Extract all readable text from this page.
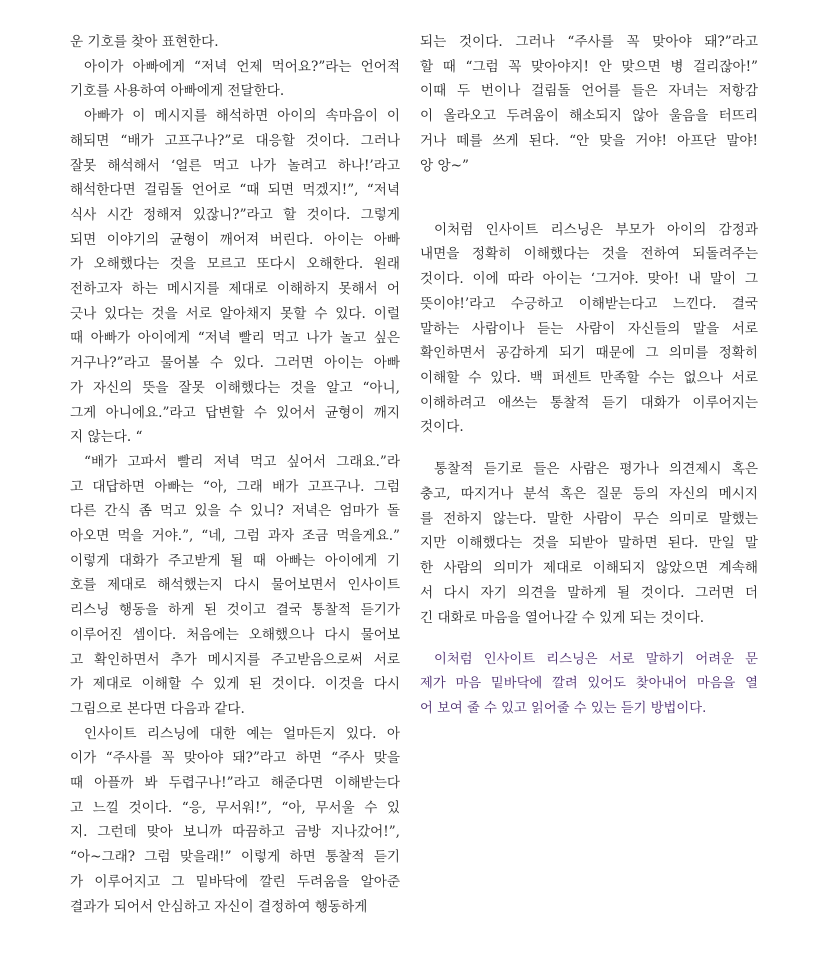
운 기호를 찾아 표현한다.
아이가 아빠에게 “저녁 언제 먹어요?”라는 언어적
기호를 사용하여 아빠에게 전달한다.
아빠가 이 메시지를 해석하면 아이의 속마음이 이
해되면 “배가 고프구나?”로 대응할 것이다. 그러나
잘못 해석해서 ‘얼른 먹고 나가 놀려고 하나!’라고
해석한다면 걸림돌 언어로 “때 되면 먹겠지!”, “저녁
식사 시간 정해져 있잖니?”라고 할 것이다. 그렇게
되면 이야기의 균형이 깨어져 버린다. 아이는 아빠
가 오해했다는 것을 모르고 또다시 오해한다. 원래
전하고자 하는 메시지를 제대로 이해하지 못해서 어
긋나 있다는 것을 서로 알아채지 못할 수 있다. 이럴
때 아빠가 아이에게 “저녁 빨리 먹고 나가 놀고 싶은
거구나?”라고 물어볼 수 있다. 그러면 아이는 아빠
가 자신의 뜻을 잘못 이해했다는 것을 알고 “아니,
그게 아니에요.”라고 답변할 수 있어서 균형이 깨지
지 않는다. “
“배가 고파서 빨리 저녁 먹고 싶어서 그래요.”라
고 대답하면 아빠는 “아, 그래 배가 고프구나. 그럼
다른 간식 좀 먹고 있을 수 있니? 저녁은 엄마가 돌
아오면 먹을 거야.”, “네, 그럼 과자 조금 먹을게요.”
이렇게 대화가 주고받게 될 때 아빠는 아이에게 기
호를 제대로 해석했는지 다시 물어보면서 인사이트
리스닝 행동을 하게 된 것이고 결국 통찰적 듣기가
이루어진 셈이다. 처음에는 오해했으나 다시 물어보
고 확인하면서 추가 메시지를 주고받음으로써 서로
가 제대로 이해할 수 있게 된 것이다. 이것을 다시
그림으로 본다면 다음과 같다.
인사이트 리스닝에 대한 예는 얼마든지 있다. 아
이가 “주사를 꼭 맞아야 돼?”라고 하면 “주사 맞을
때 아플까 봐 두렵구나!”라고 해준다면 이해받는다
고 느낄 것이다. “응, 무서워!”, “아, 무서울 수 있
지. 그런데 맞아 보니까 따끔하고 금방 지나갔어!”,
“아~그래? 그럼 맞을래!” 이렇게 하면 통찰적 듣기
가 이루어지고 그 밑바닥에 깔린 두려움을 알아준
결과가 되어서 안심하고 자신이 결정하여 행동하게
되는 것이다. 그러나 “주사를 꼭 맞아야 돼?”라고
할 때 “그럼 꼭 맞아야지! 안 맞으면 병 걸리잖아!”
이때 두 번이나 걸림돌 언어를 들은 자녀는 저항감
이 올라오고 두려움이 해소되지 않아 울음을 터뜨리
거나 떼를 쓰게 된다. “안 맞을 거야! 아프단 말야!
앙 앙~”
이처럼 인사이트 리스닝은 부모가 아이의 감정과
내면을 정확히 이해했다는 것을 전하여 되돌려주는
것이다. 이에 따라 아이는 ‘그거야. 맞아! 내 말이 그
뜻이야!’라고 수긍하고 이해받는다고 느낀다. 결국
말하는 사람이나 듣는 사람이 자신들의 말을 서로
확인하면서 공감하게 되기 때문에 그 의미를 정확히
이해할 수 있다. 백 퍼센트 만족할 수는 없으나 서로
이해하려고 애쓰는 통찰적 듣기 대화가 이루어지는
것이다.
통찰적 듣기로 들은 사람은 평가나 의견제시 혹은
충고, 따지거나 분석 혹은 질문 등의 자신의 메시지
를 전하지 않는다. 말한 사람이 무슨 의미로 말했는
지만 이해했다는 것을 되받아 말하면 된다. 만일 말
한 사람의 의미가 제대로 이해되지 않았으면 계속해
서 다시 자기 의견을 말하게 될 것이다. 그러면 더
긴 대화로 마음을 열어나갈 수 있게 되는 것이다.
이처럼 인사이트 리스닝은 서로 말하기 어려운 문
제가 마음 밑바닥에 깔려 있어도 찾아내어 마음을 열
어 보여 줄 수 있고 읽어줄 수 있는 듣기 방법이다.
